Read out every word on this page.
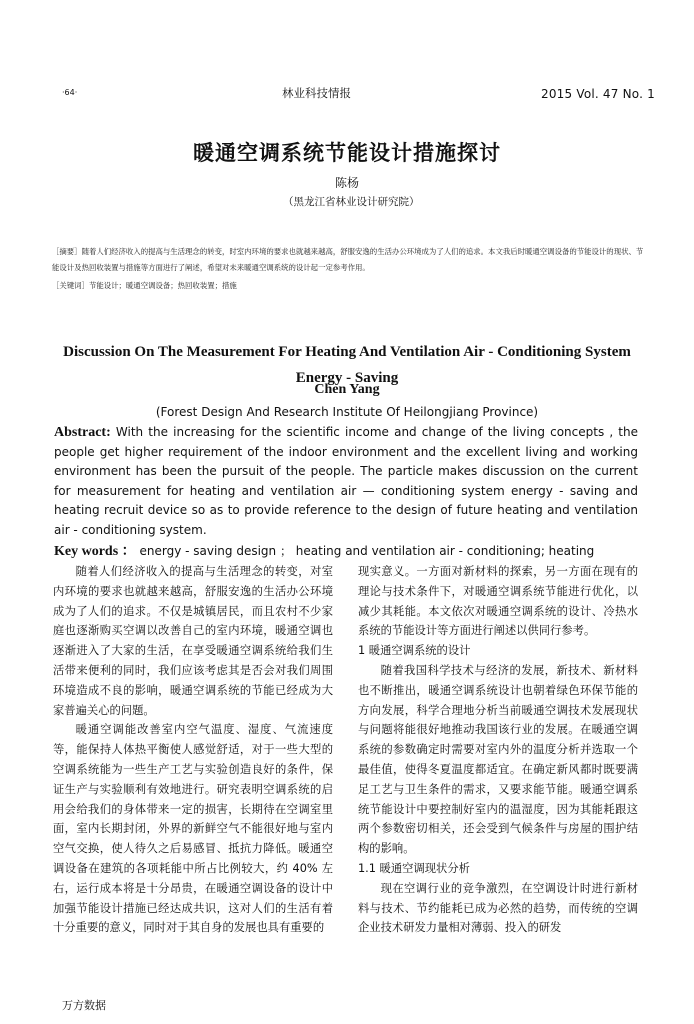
·64·	林业科技情报	2015 Vol. 47 No. 1
暖通空调系统节能设计措施探讨
陈杨
（黑龙江省林业设计研究院）
［摘要］随着人们经济收入的提高与生活理念的转变，时室内环境的要求也就越来越高，舒服安逸的生活办公环境成为了人们的追求。本文我后时暖通空调设备的节能设计的现状、节能设计及热回收装置与措施等方面进行了阐述，希望对未来暖通空调系统的设计起一定参考作用。
［关键词］节能设计；暖通空调设备；热回收装置；措施
Discussion On The Measurement For Heating And Ventilation Air - Conditioning System Energy - Saving
Chen Yang
(Forest Design And Research Institute Of Heilongjiang Province)
Abstract: With the increasing for the scientific income and change of the living concepts , the people get higher requirement of the indoor environment and the excellent living and working environment has been the pursuit of the people. The particle makes discussion on the current for measurement for heating and ventilation air — conditioning system energy - saving and heating recruit device so as to provide reference to the design of future heating and ventilation air - conditioning system.
Key words ： energy - saving design ； heating and ventilation air - conditioning; heating

随着人们经济收入的提高与生活理念的转变，对室内环境的要求也就越来越高，舒服安逸的生活办公环境成为了人们的追求。不仅是城镇居民，而且农村不少家庭也逐渐购买空调以改善自己的室内环境，暖通空调也逐渐进入了大家的生活，在享受暖通空调系统给我们生活带来便利的同时，我们应该考虑其是否会对我们周围环境造成不良的影响，暖通空调系统的节能已经成为大家普遍关心的问题。

暖通空调能改善室内空气温度、湿度、气流速度等，能保持人体热平衡使人感觉舒适，对于一些大型的空调系统能为一些生产工艺与实验创造良好的条件，保证生产与实验顺利有效地进行。研究表明空调系统的启用会给我们的身体带来一定的损害，长期待在空调室里面，室内长期封闭，外界的新鲜空气不能很好地与室内空气交换，使人待久之后易感冒、抵抗力降低。暖通空调设备在建筑的各项耗能中所占比例较大，约 40% 左右，运行成本将是十分昂贵，在暖通空调设备的设计中加强节能设计措施已经达成共识，这对人们的生活有着十分重要的意义，同时对于其自身的发展也具有重要的

现实意义。一方面对新材料的探索，另一方面在现有的理论与技术条件下，对暖通空调系统节能进行优化，以减少其耗能。本文依次对暖通空调系统的设计、冷热水系统的节能设计等方面进行阐述以供同行参考。

1 暖通空调系统的设计

随着我国科学技术与经济的发展，新技术、新材料也不断推出，暖通空调系统设计也朝着绿色环保节能的方向发展，科学合理地分析当前暖通空调技术发展现状与问题将能很好地推动我国该行业的发展。在暖通空调系统的参数确定时需要对室内外的温度分析并选取一个最佳值，使得冬夏温度都适宜。在确定新风都时既要满足工艺与卫生条件的需求，又要求能节能。暖通空调系统节能设计中要控制好室内的温湿度，因为其能耗跟这两个参数密切相关，还会受到气候条件与房屋的围护结构的影响。

1.1 暖通空调现状分析

现在空调行业的竞争激烈，在空调设计时进行新材料与技术、节约能耗已成为必然的趋势，而传统的空调企业技术研发力量相对薄弱、投入的研发

万方数据
